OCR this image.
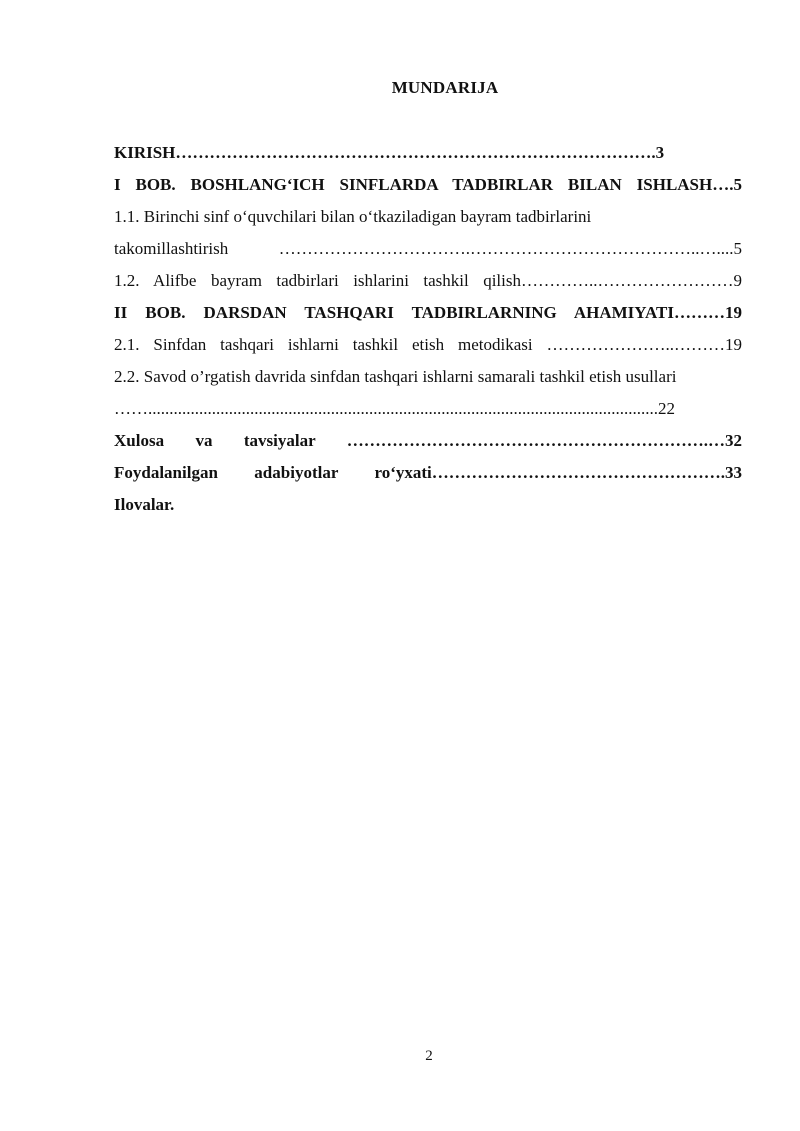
MUNDARIJA
KIRISH………………………………………………………………………….3
I BOB. BOSHLANG‘ICH SINFLARDA TADBIRLAR BILAN ISHLASH….5
1.1. Birinchi sinf o‘quvchilari bilan o‘tkaziladigan bayram tadbirlarini
takomillashtirish …………………………….…………………………………..…....5
1.2. Alifbe bayram tadbirlari ishlarini tashkil qilish…………..……………………9
II BOB. DARSDAN TASHQARI TADBIRLARNING AHAMIYATI………19
2.1. Sinfdan tashqari ishlarni tashkil etish metodikasi …………………..………19
2.2. Savod o’rgatish davrida sinfdan tashqari ishlarni samarali tashkil etish usullari
……........................................................................................................................22
Xulosa va tavsiyalar ……………………………………………………….…32
Foydalanilgan adabiyotlar ro‘yxati…………………………………………….33
Ilovalar.
2
